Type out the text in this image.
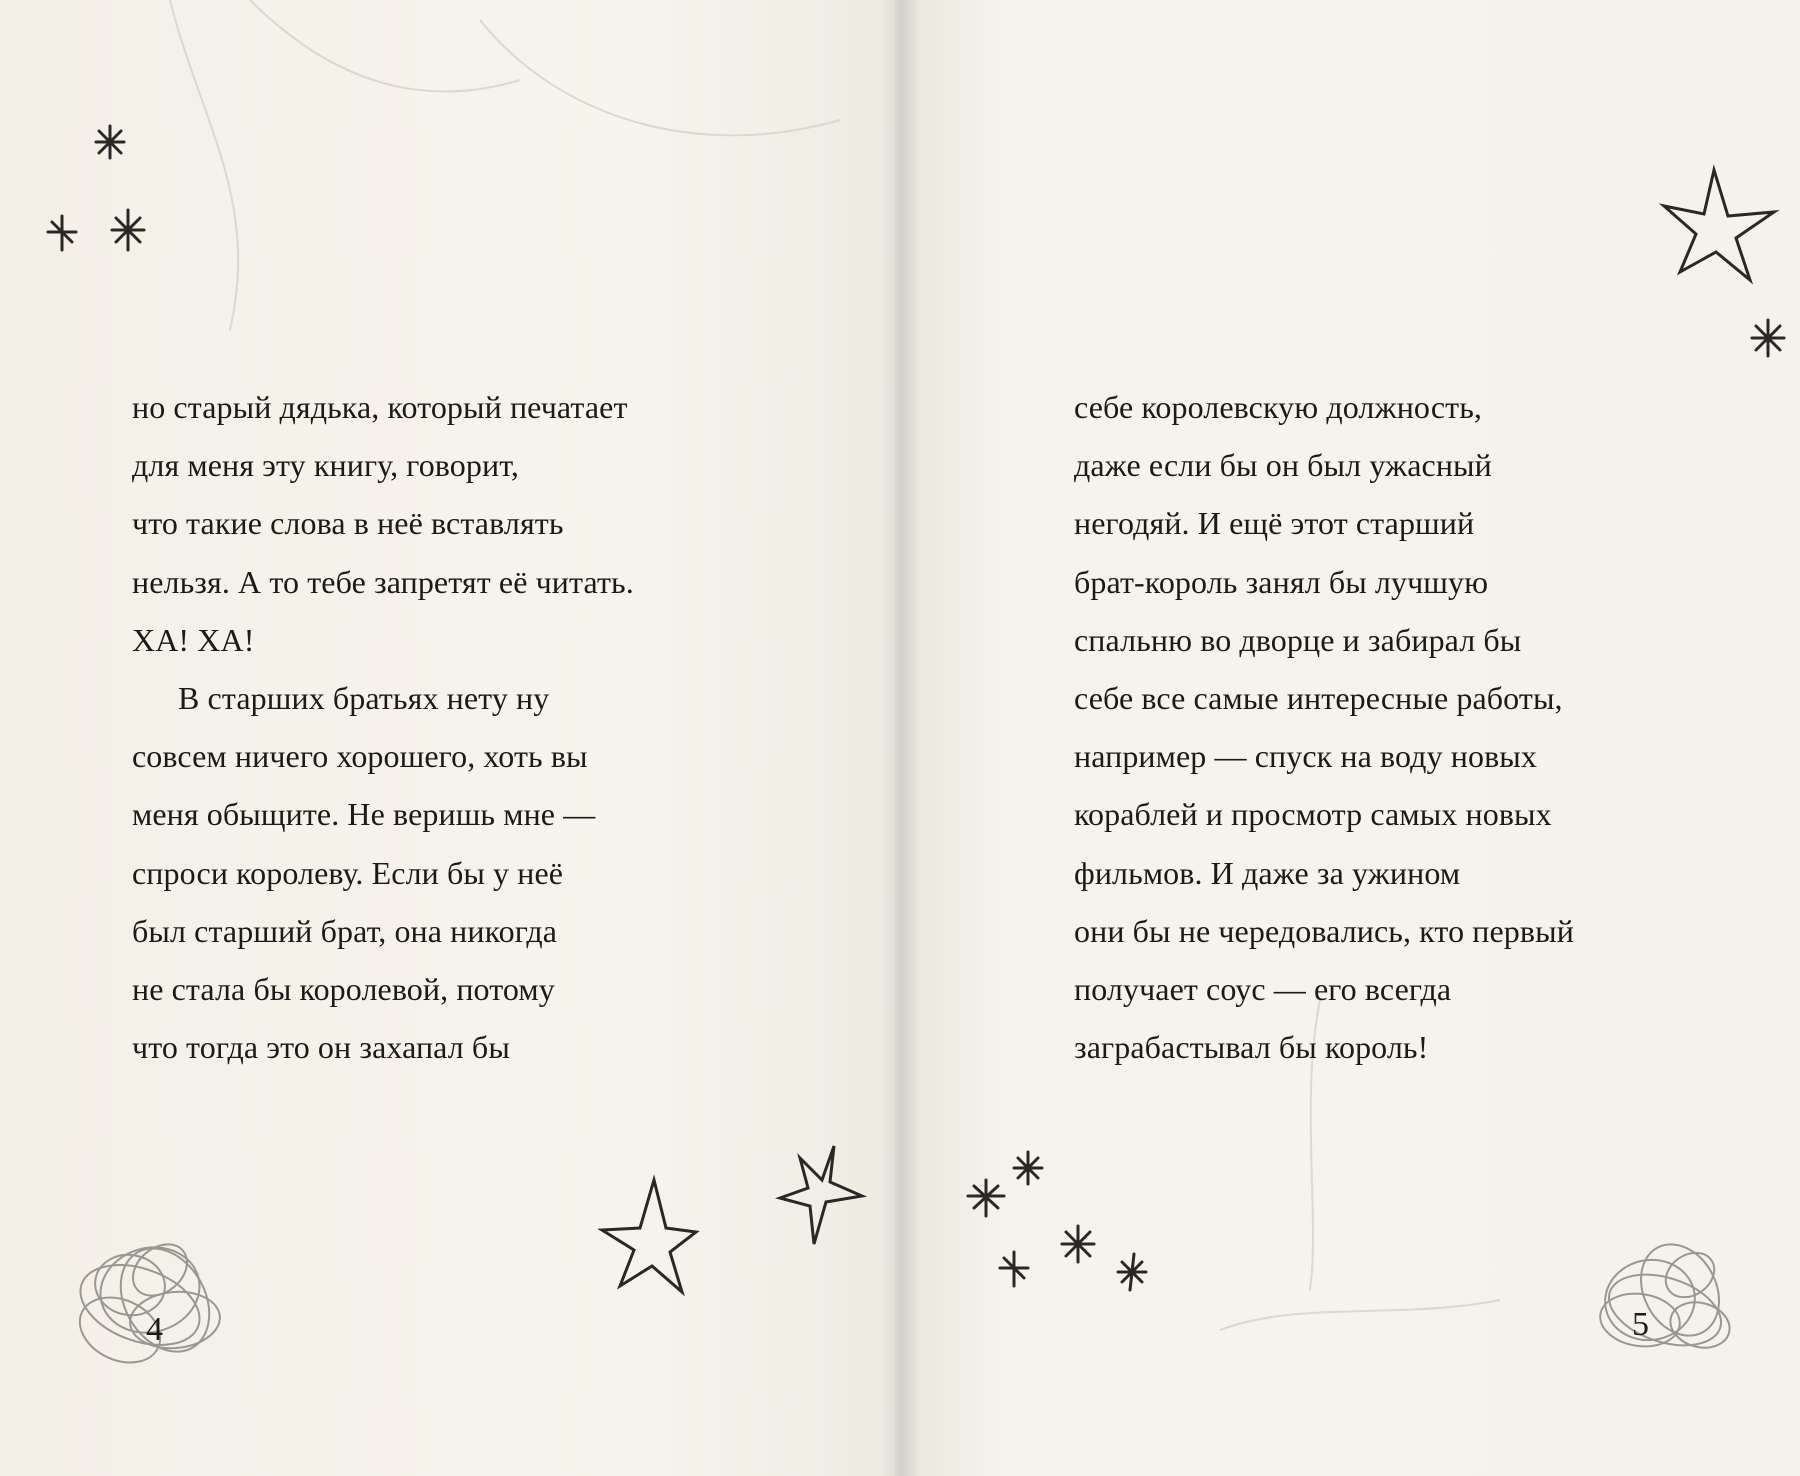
но старый дядька, который печатает
для меня эту книгу, говорит,
что такие слова в неё вставлять
нельзя. А то тебе запретят её читать.
ХА! ХА!
В старших братьях нету ну
совсем ничего хорошего, хоть вы
меня обыщите. Не веришь мне —
спроси королеву. Если бы у неё
был старший брат, она никогда
не стала бы королевой, потому
что тогда это он захапал бы
себе королевскую должность,
даже если бы он был ужасный
негодяй. И ещё этот старший
брат-король занял бы лучшую
спальню во дворце и забирал бы
себе все самые интересные работы,
например — спуск на воду новых
кораблей и просмотр самых новых
фильмов. И даже за ужином
они бы не чередовались, кто первый
получает соус — его всегда
заграбастывал бы король!
4	5
